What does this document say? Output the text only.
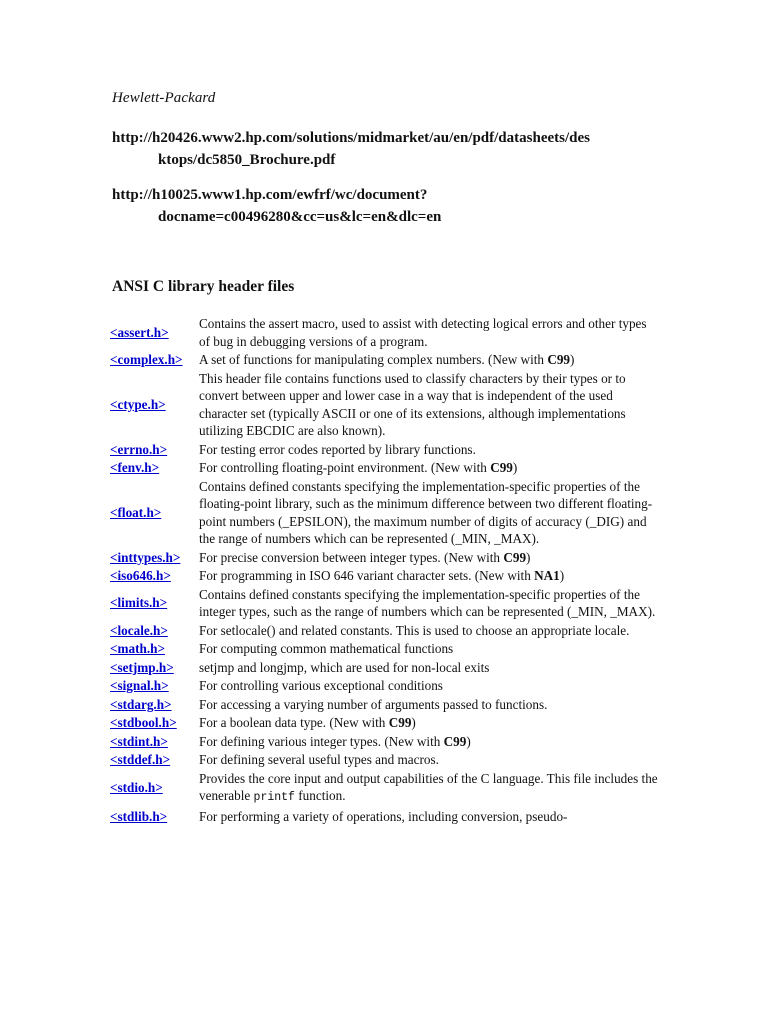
Hewlett-Packard
http://h20426.www2.hp.com/solutions/midmarket/au/en/pdf/datasheets/des
ktops/dc5850_Brochure.pdf
http://h10025.www1.hp.com/ewfrf/wc/document?
docname=c00496280&cc=us&lc=en&dlc=en
ANSI C library header files
<assert.h>	Contains the assert macro, used to assist with detecting logical errors and other types of bug in debugging versions of a program.
<complex.h>	A set of functions for manipulating complex numbers. (New with C99)
<ctype.h>	This header file contains functions used to classify characters by their types or to convert between upper and lower case in a way that is independent of the used character set (typically ASCII or one of its extensions, although implementations utilizing EBCDIC are also known).
<errno.h>	For testing error codes reported by library functions.
<fenv.h>	For controlling floating-point environment. (New with C99)
<float.h>	Contains defined constants specifying the implementation-specific properties of the floating-point library, such as the minimum difference between two different floating-point numbers (_EPSILON), the maximum number of digits of accuracy (_DIG) and the range of numbers which can be represented (_MIN, _MAX).
<inttypes.h>	For precise conversion between integer types. (New with C99)
<iso646.h>	For programming in ISO 646 variant character sets. (New with NA1)
<limits.h>	Contains defined constants specifying the implementation-specific properties of the integer types, such as the range of numbers which can be represented (_MIN, _MAX).
<locale.h>	For setlocale() and related constants. This is used to choose an appropriate locale.
<math.h>	For computing common mathematical functions
<setjmp.h>	setjmp and longjmp, which are used for non-local exits
<signal.h>	For controlling various exceptional conditions
<stdarg.h>	For accessing a varying number of arguments passed to functions.
<stdbool.h>	For a boolean data type. (New with C99)
<stdint.h>	For defining various integer types. (New with C99)
<stddef.h>	For defining several useful types and macros.
<stdio.h>	Provides the core input and output capabilities of the C language. This file includes the venerable printf function.
<stdlib.h>	For performing a variety of operations, including conversion, pseudo-
